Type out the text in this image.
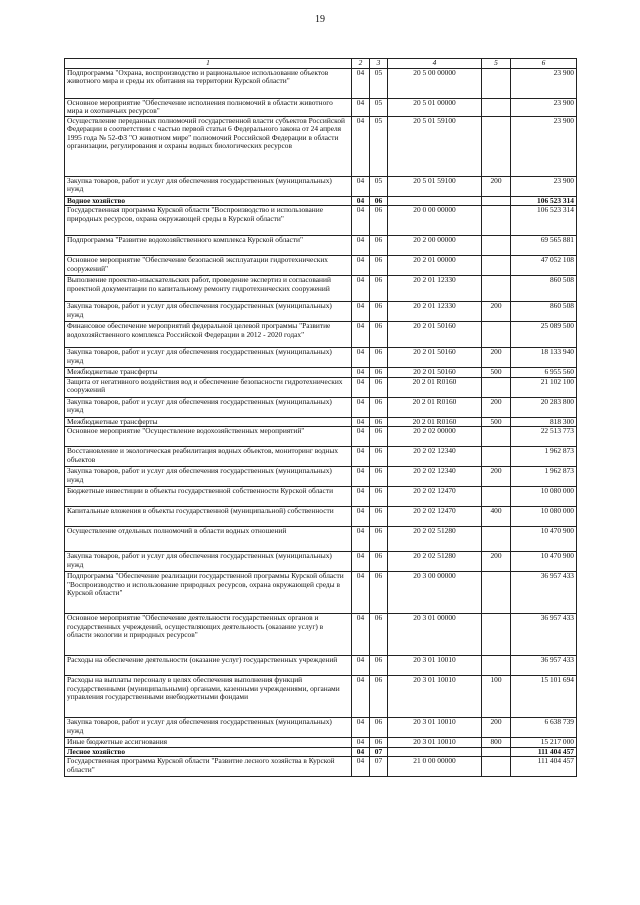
19
1	2	3	4	5	6
Подпрограмма "Охрана, воспроизводство и рациональное использование объектов животного мира и среды их обитания на территории Курской области"	04	05	20 5 00 00000		23 900
Основное мероприятие "Обеспечение исполнения полномочий в области животного мира и охотничьих ресурсов"	04	05	20 5 01 00000		23 900
Осуществление переданных полномочий государственной власти субъектов Российской Федерации в соответствии с частью первой статьи 6 Федерального закона от 24 апреля 1995 года № 52-ФЗ "О животном мире" полномочий Российской Федерации в области организации, регулирования и охраны водных биологических ресурсов	04	05	20 5 01 59100		23 900
Закупка товаров, работ и услуг для обеспечения государственных (муниципальных) нужд	04	05	20 5 01 59100	200	23 900
Водное хозяйство	04	06			106 523 314
Государственная программа Курской области "Воспроизводство и использование природных ресурсов, охрана окружающей среды в Курской области"	04	06	20 0 00 00000		106 523 314
Подпрограмма "Развитие водохозяйственного комплекса Курской области"	04	06	20 2 00 00000		69 565 881
Основное мероприятие "Обеспечение безопасной эксплуатации гидротехнических сооружений"	04	06	20 2 01 00000		47 052 108
Выполнение проектно-изыскательских работ, проведение экспертиз и согласований проектной документации по капитальному ремонту гидротехнических сооружений	04	06	20 2 01 12330		860 508
Закупка товаров, работ и услуг для обеспечения государственных (муниципальных) нужд	04	06	20 2 01 12330	200	860 508
Финансовое обеспечение мероприятий федеральной целевой программы "Развитие водохозяйственного комплекса Российской Федерации в 2012 - 2020 годах"	04	06	20 2 01 50160		25 089 500
Закупка товаров, работ и услуг для обеспечения государственных (муниципальных) нужд	04	06	20 2 01 50160	200	18 133 940
Межбюджетные трансферты	04	06	20 2 01 50160	500	6 955 560
Защита от негативного воздействия вод и обеспечение безопасности гидротехнических сооружений	04	06	20 2 01 R0160		21 102 100
Закупка товаров, работ и услуг для обеспечения государственных (муниципальных) нужд	04	06	20 2 01 R0160	200	20 283 800
Межбюджетные трансферты	04	06	20 2 01 R0160	500	818 300
Основное мероприятие "Осуществление водохозяйственных мероприятий"	04	06	20 2 02 00000		22 513 773
Восстановление и экологическая реабилитация водных объектов, мониторинг водных объектов	04	06	20 2 02 12340		1 962 873
Закупка товаров, работ и услуг для обеспечения государственных (муниципальных) нужд	04	06	20 2 02 12340	200	1 962 873
Бюджетные инвестиции в объекты государственной собственности Курской области	04	06	20 2 02 12470		10 080 000
Капитальные вложения в объекты государственной (муниципальной) собственности	04	06	20 2 02 12470	400	10 080 000
Осуществление отдельных полномочий в области водных отношений	04	06	20 2 02 51280		10 470 900
Закупка товаров, работ и услуг для обеспечения государственных (муниципальных) нужд	04	06	20 2 02 51280	200	10 470 900
Подпрограмма "Обеспечение реализации государственной программы Курской области "Воспроизводство и использование природных ресурсов, охрана окружающей среды в Курской области"	04	06	20 3 00 00000		36 957 433
Основное мероприятие "Обеспечение деятельности государственных органов и государственных учреждений, осуществляющих деятельность (оказание услуг) в области экологии и природных ресурсов"	04	06	20 3 01 00000		36 957 433
Расходы на обеспечение деятельности (оказание услуг) государственных учреждений	04	06	20 3 01 10010		36 957 433
Расходы на выплаты персоналу в целях обеспечения выполнения функций государственными (муниципальными) органами, казенными учреждениями, органами управления государственными внебюджетными фондами	04	06	20 3 01 10010	100	15 101 694
Закупка товаров, работ и услуг для обеспечения государственных (муниципальных) нужд	04	06	20 3 01 10010	200	6 638 739
Иные бюджетные ассигнования	04	06	20 3 01 10010	800	15 217 000
Лесное хозяйство	04	07			111 404 457
Государственная программа Курской области "Развитие лесного хозяйства в Курской области"	04	07	21 0 00 00000		111 404 457
